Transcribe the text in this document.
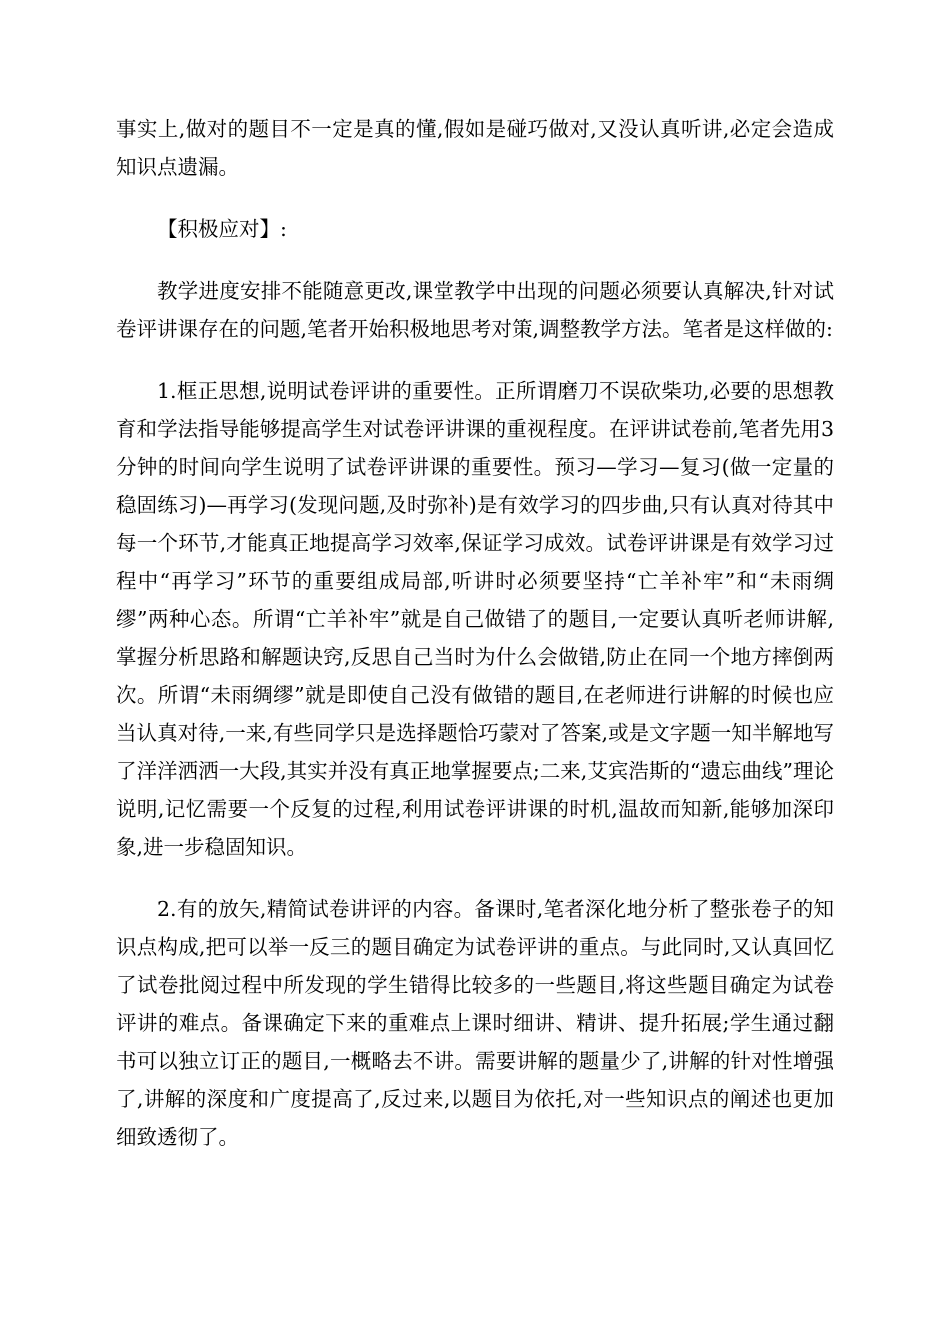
事实上,做对的题目不一定是真的懂,假如是碰巧做对,又没认真听讲,必定会造成知识点遗漏。

【积极应对】:

教学进度安排不能随意更改,课堂教学中出现的问题必须要认真解决,针对试卷评讲课存在的问题,笔者开始积极地思考对策,调整教学方法。笔者是这样做的:

1.框正思想,说明试卷评讲的重要性。正所谓磨刀不误砍柴功,必要的思想教育和学法指导能够提高学生对试卷评讲课的重视程度。在评讲试卷前,笔者先用3分钟的时间向学生说明了试卷评讲课的重要性。预习—学习—复习(做一定量的稳固练习)—再学习(发现问题,及时弥补)是有效学习的四步曲,只有认真对待其中每一个环节,才能真正地提高学习效率,保证学习成效。试卷评讲课是有效学习过程中“再学习”环节的重要组成局部,听讲时必须要坚持“亡羊补牢”和“未雨绸缪”两种心态。所谓“亡羊补牢”就是自己做错了的题目,一定要认真听老师讲解,掌握分析思路和解题诀窍,反思自己当时为什么会做错,防止在同一个地方摔倒两次。所谓“未雨绸缪”就是即使自己没有做错的题目,在老师进行讲解的时候也应当认真对待,一来,有些同学只是选择题恰巧蒙对了答案,或是文字题一知半解地写了洋洋洒洒一大段,其实并没有真正地掌握要点;二来,艾宾浩斯的“遗忘曲线”理论说明,记忆需要一个反复的过程,利用试卷评讲课的时机,温故而知新,能够加深印象,进一步稳固知识。

2.有的放矢,精简试卷讲评的内容。备课时,笔者深化地分析了整张卷子的知识点构成,把可以举一反三的题目确定为试卷评讲的重点。与此同时,又认真回忆了试卷批阅过程中所发现的学生错得比较多的一些题目,将这些题目确定为试卷评讲的难点。备课确定下来的重难点上课时细讲、精讲、提升拓展;学生通过翻书可以独立订正的题目,一概略去不讲。需要讲解的题量少了,讲解的针对性增强了,讲解的深度和广度提高了,反过来,以题目为依托,对一些知识点的阐述也更加细致透彻了。
